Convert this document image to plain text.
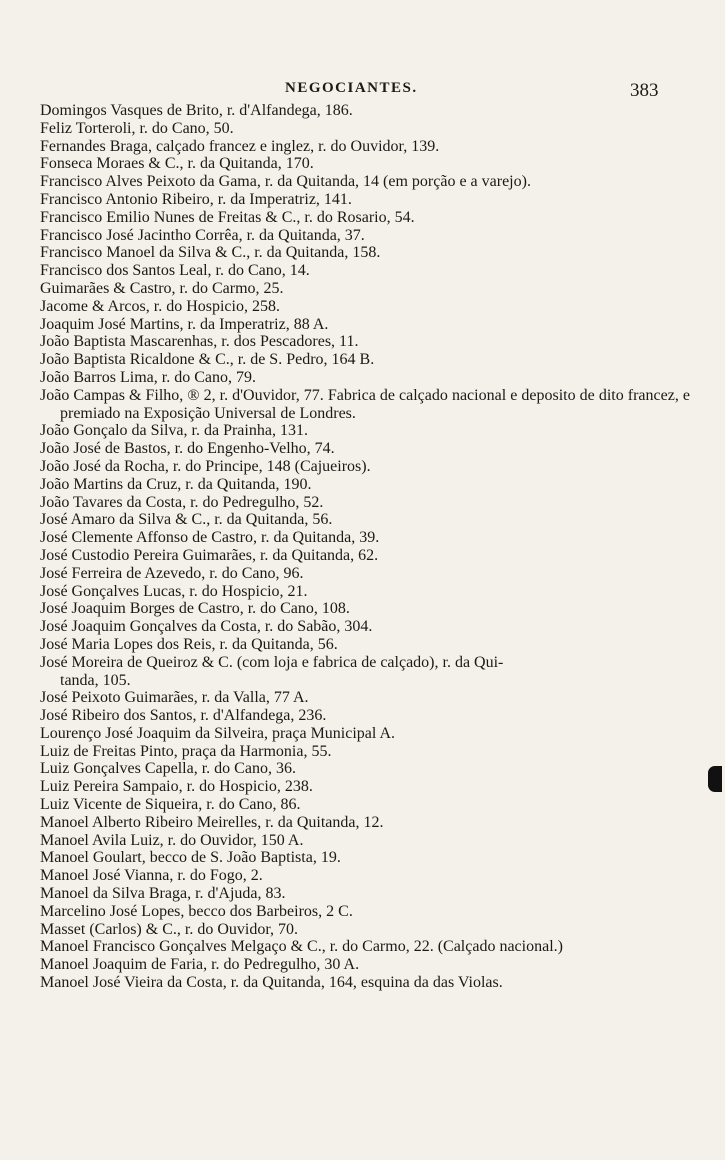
NEGOCIANTES.	383
Domingos Vasques de Brito, r. d'Alfandega, 186.
Feliz Torteroli, r. do Cano, 50.
Fernandes Braga, calçado francez e inglez, r. do Ouvidor, 139.
Fonseca Moraes & C., r. da Quitanda, 170.
Francisco Alves Peixoto da Gama, r. da Quitanda, 14 (em porção e a varejo).
Francisco Antonio Ribeiro, r. da Imperatriz, 141.
Francisco Emilio Nunes de Freitas & C., r. do Rosario, 54.
Francisco José Jacintho Corrêa, r. da Quitanda, 37.
Francisco Manoel da Silva & C., r. da Quitanda, 158.
Francisco dos Santos Leal, r. do Cano, 14.
Guimarães & Castro, r. do Carmo, 25.
Jacome & Arcos, r. do Hospicio, 258.
Joaquim José Martins, r. da Imperatriz, 88 A.
João Baptista Mascarenhas, r. dos Pescadores, 11.
João Baptista Ricaldone & C., r. de S. Pedro, 164 B.
João Barros Lima, r. do Cano, 79.
João Campas & Filho, ® 2, r. d'Ouvidor, 77. Fabrica de calçado nacional e deposito de dito francez, e premiado na Exposição Universal de Londres.
João Gonçalo da Silva, r. da Prainha, 131.
João José de Bastos, r. do Engenho-Velho, 74.
João José da Rocha, r. do Principe, 148 (Cajueiros).
João Martins da Cruz, r. da Quitanda, 190.
João Tavares da Costa, r. do Pedregulho, 52.
José Amaro da Silva & C., r. da Quitanda, 56.
José Clemente Affonso de Castro, r. da Quitanda, 39.
José Custodio Pereira Guimarães, r. da Quitanda, 62.
José Ferreira de Azevedo, r. do Cano, 96.
José Gonçalves Lucas, r. do Hospicio, 21.
José Joaquim Borges de Castro, r. do Cano, 108.
José Joaquim Gonçalves da Costa, r. do Sabão, 304.
José Maria Lopes dos Reis, r. da Quitanda, 56.
José Moreira de Queiroz & C. (com loja e fabrica de calçado), r. da Qui-
tanda, 105.
José Peixoto Guimarães, r. da Valla, 77 A.
José Ribeiro dos Santos, r. d'Alfandega, 236.
Lourenço José Joaquim da Silveira, praça Municipal A.
Luiz de Freitas Pinto, praça da Harmonia, 55.
Luiz Gonçalves Capella, r. do Cano, 36.
Luiz Pereira Sampaio, r. do Hospicio, 238.
Luiz Vicente de Siqueira, r. do Cano, 86.
Manoel Alberto Ribeiro Meirelles, r. da Quitanda, 12.
Manoel Avila Luiz, r. do Ouvidor, 150 A.
Manoel Goulart, becco de S. João Baptista, 19.
Manoel José Vianna, r. do Fogo, 2.
Manoel da Silva Braga, r. d'Ajuda, 83.
Marcelino José Lopes, becco dos Barbeiros, 2 C.
Masset (Carlos) & C., r. do Ouvidor, 70.
Manoel Francisco Gonçalves Melgaço & C., r. do Carmo, 22. (Calçado nacional.)
Manoel Joaquim de Faria, r. do Pedregulho, 30 A.
Manoel José Vieira da Costa, r. da Quitanda, 164, esquina da das Violas.
